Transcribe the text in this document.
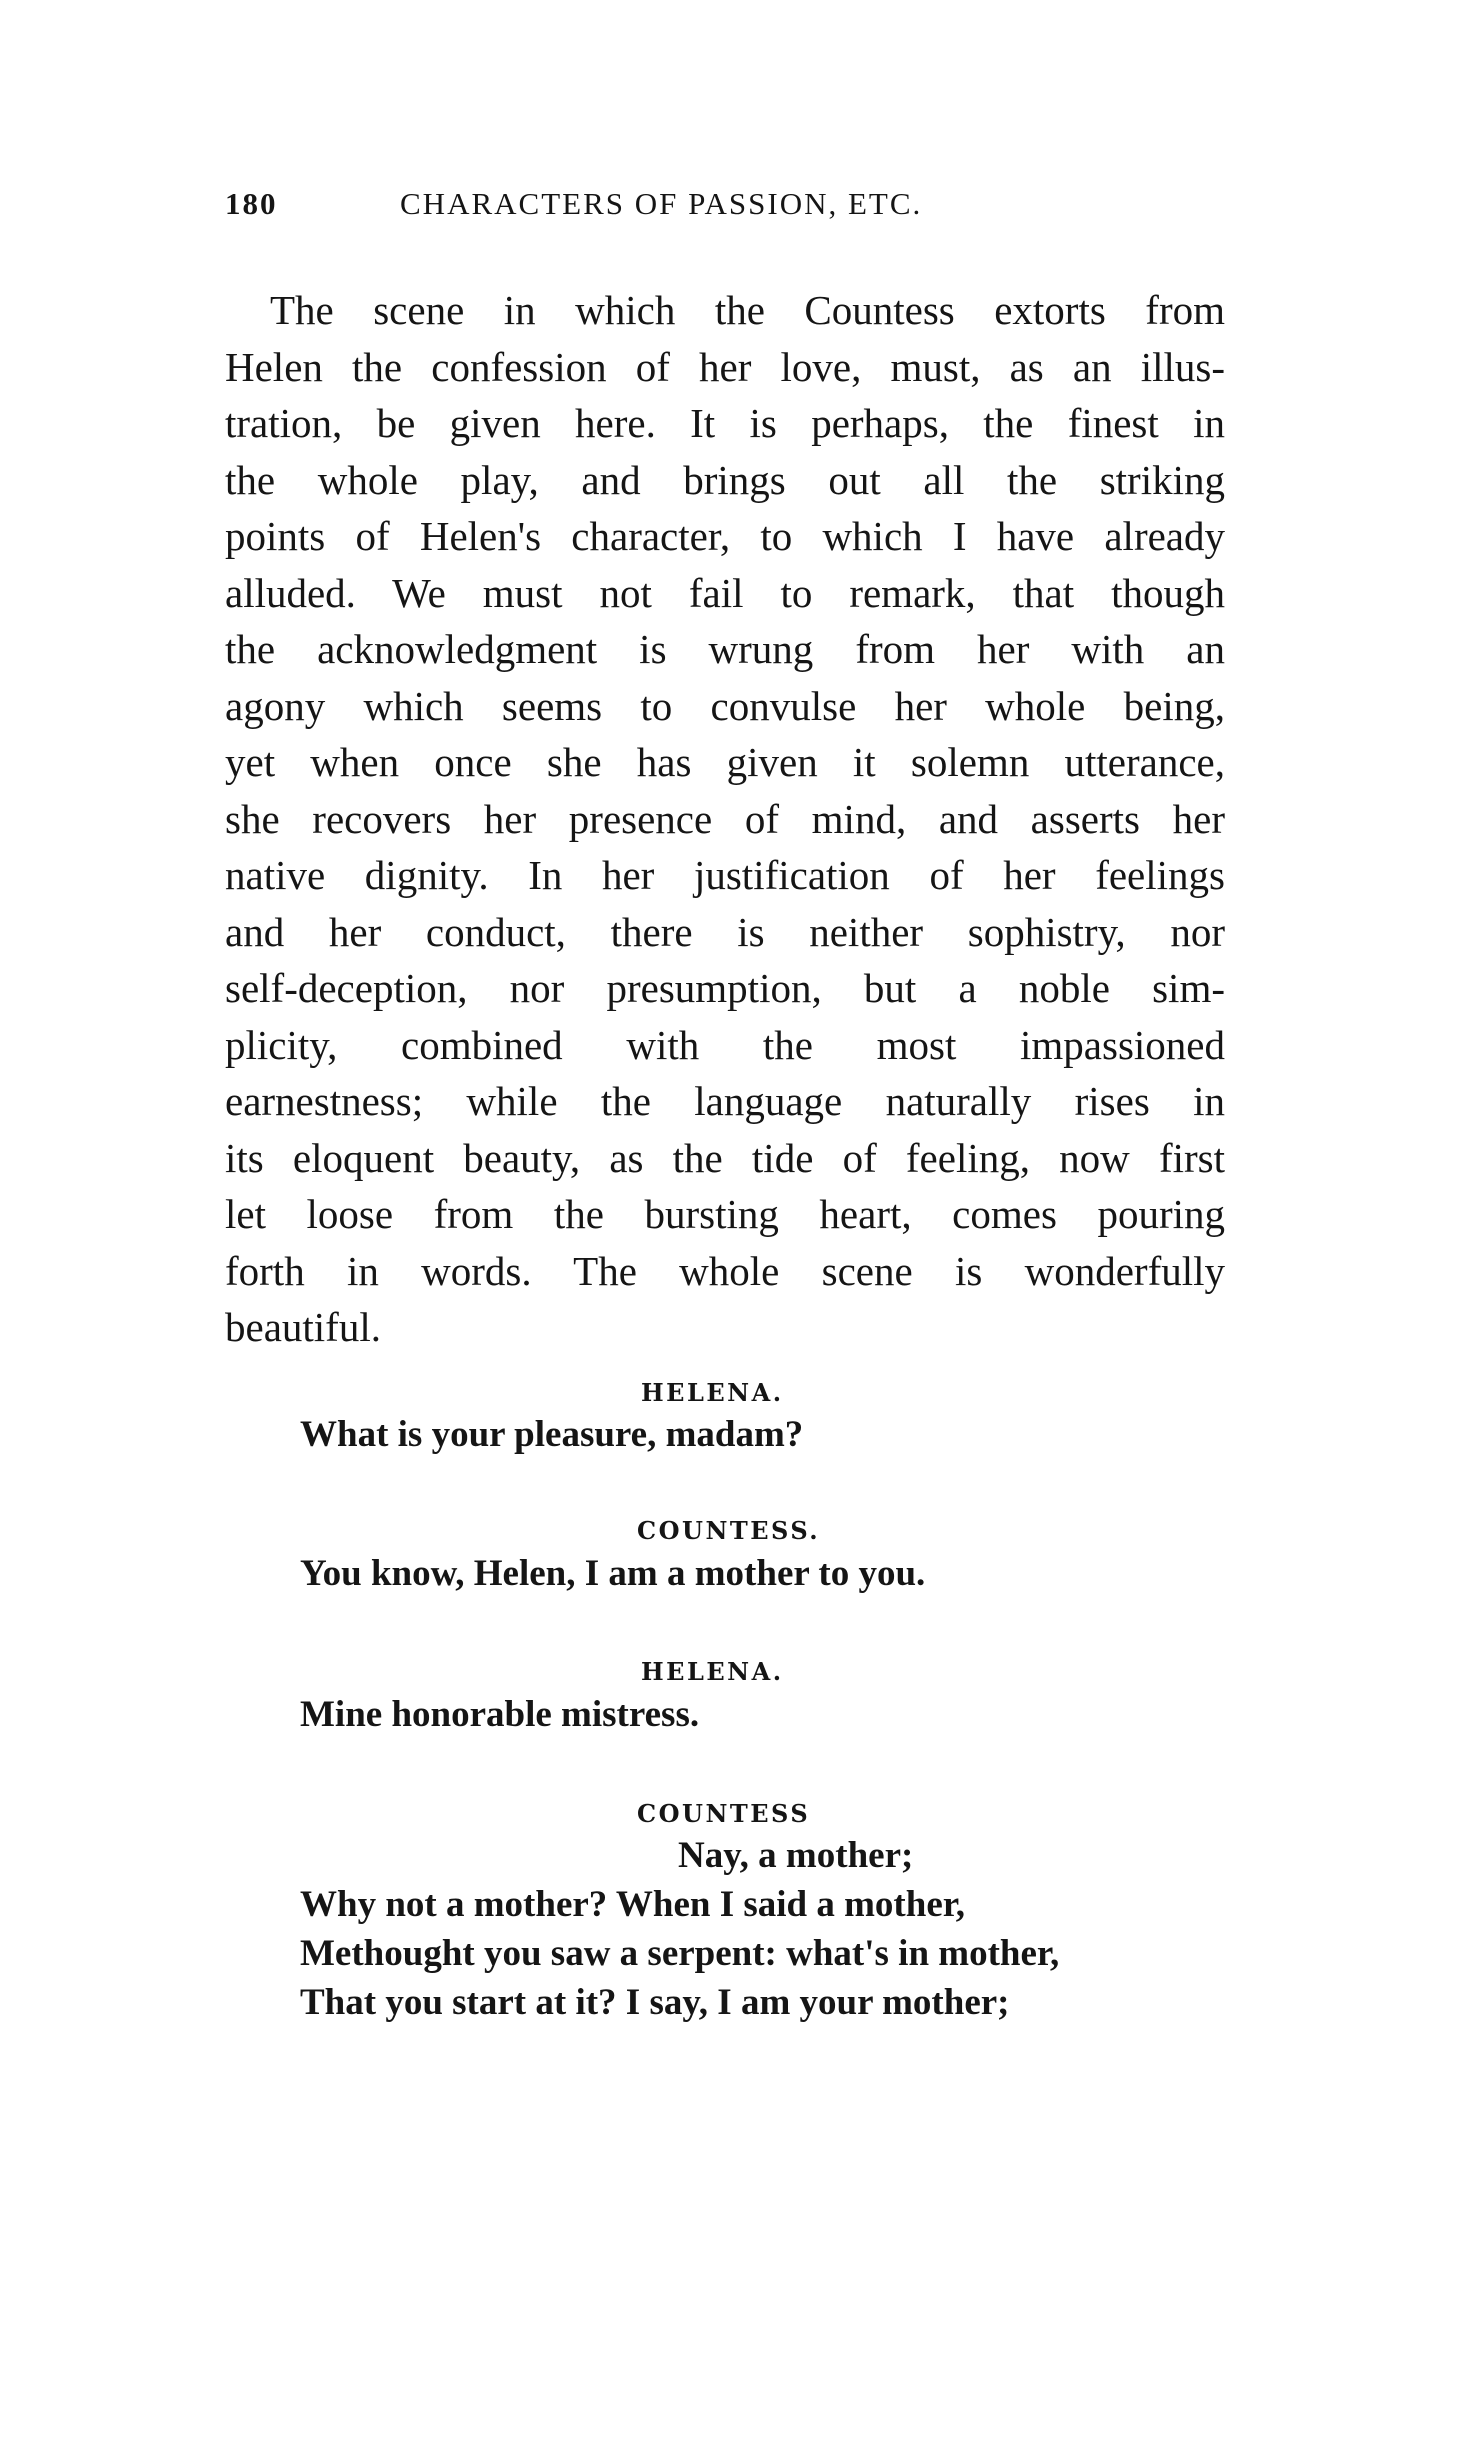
180	CHARACTERS OF PASSION, ETC.
The scene in which the Countess extorts from
Helen the confession of her love, must, as an illus-
tration, be given here. It is perhaps, the finest in
the whole play, and brings out all the striking
points of Helen's character, to which I have already
alluded. We must not fail to remark, that though
the acknowledgment is wrung from her with an
agony which seems to convulse her whole being,
yet when once she has given it solemn utterance,
she recovers her presence of mind, and asserts her
native dignity. In her justification of her feelings
and her conduct, there is neither sophistry, nor
self-deception, nor presumption, but a noble sim-
plicity, combined with the most impassioned
earnestness; while the language naturally rises in
its eloquent beauty, as the tide of feeling, now first
let loose from the bursting heart, comes pouring
forth in words. The whole scene is wonderfully
beautiful.
HELENA.
What is your pleasure, madam?
COUNTESS.
You know, Helen, I am a mother to you.
HELENA.
Mine honorable mistress.
COUNTESS
Nay, a mother;
Why not a mother? When I said a mother,
Methought you saw a serpent: what's in mother,
That you start at it? I say, I am your mother;
